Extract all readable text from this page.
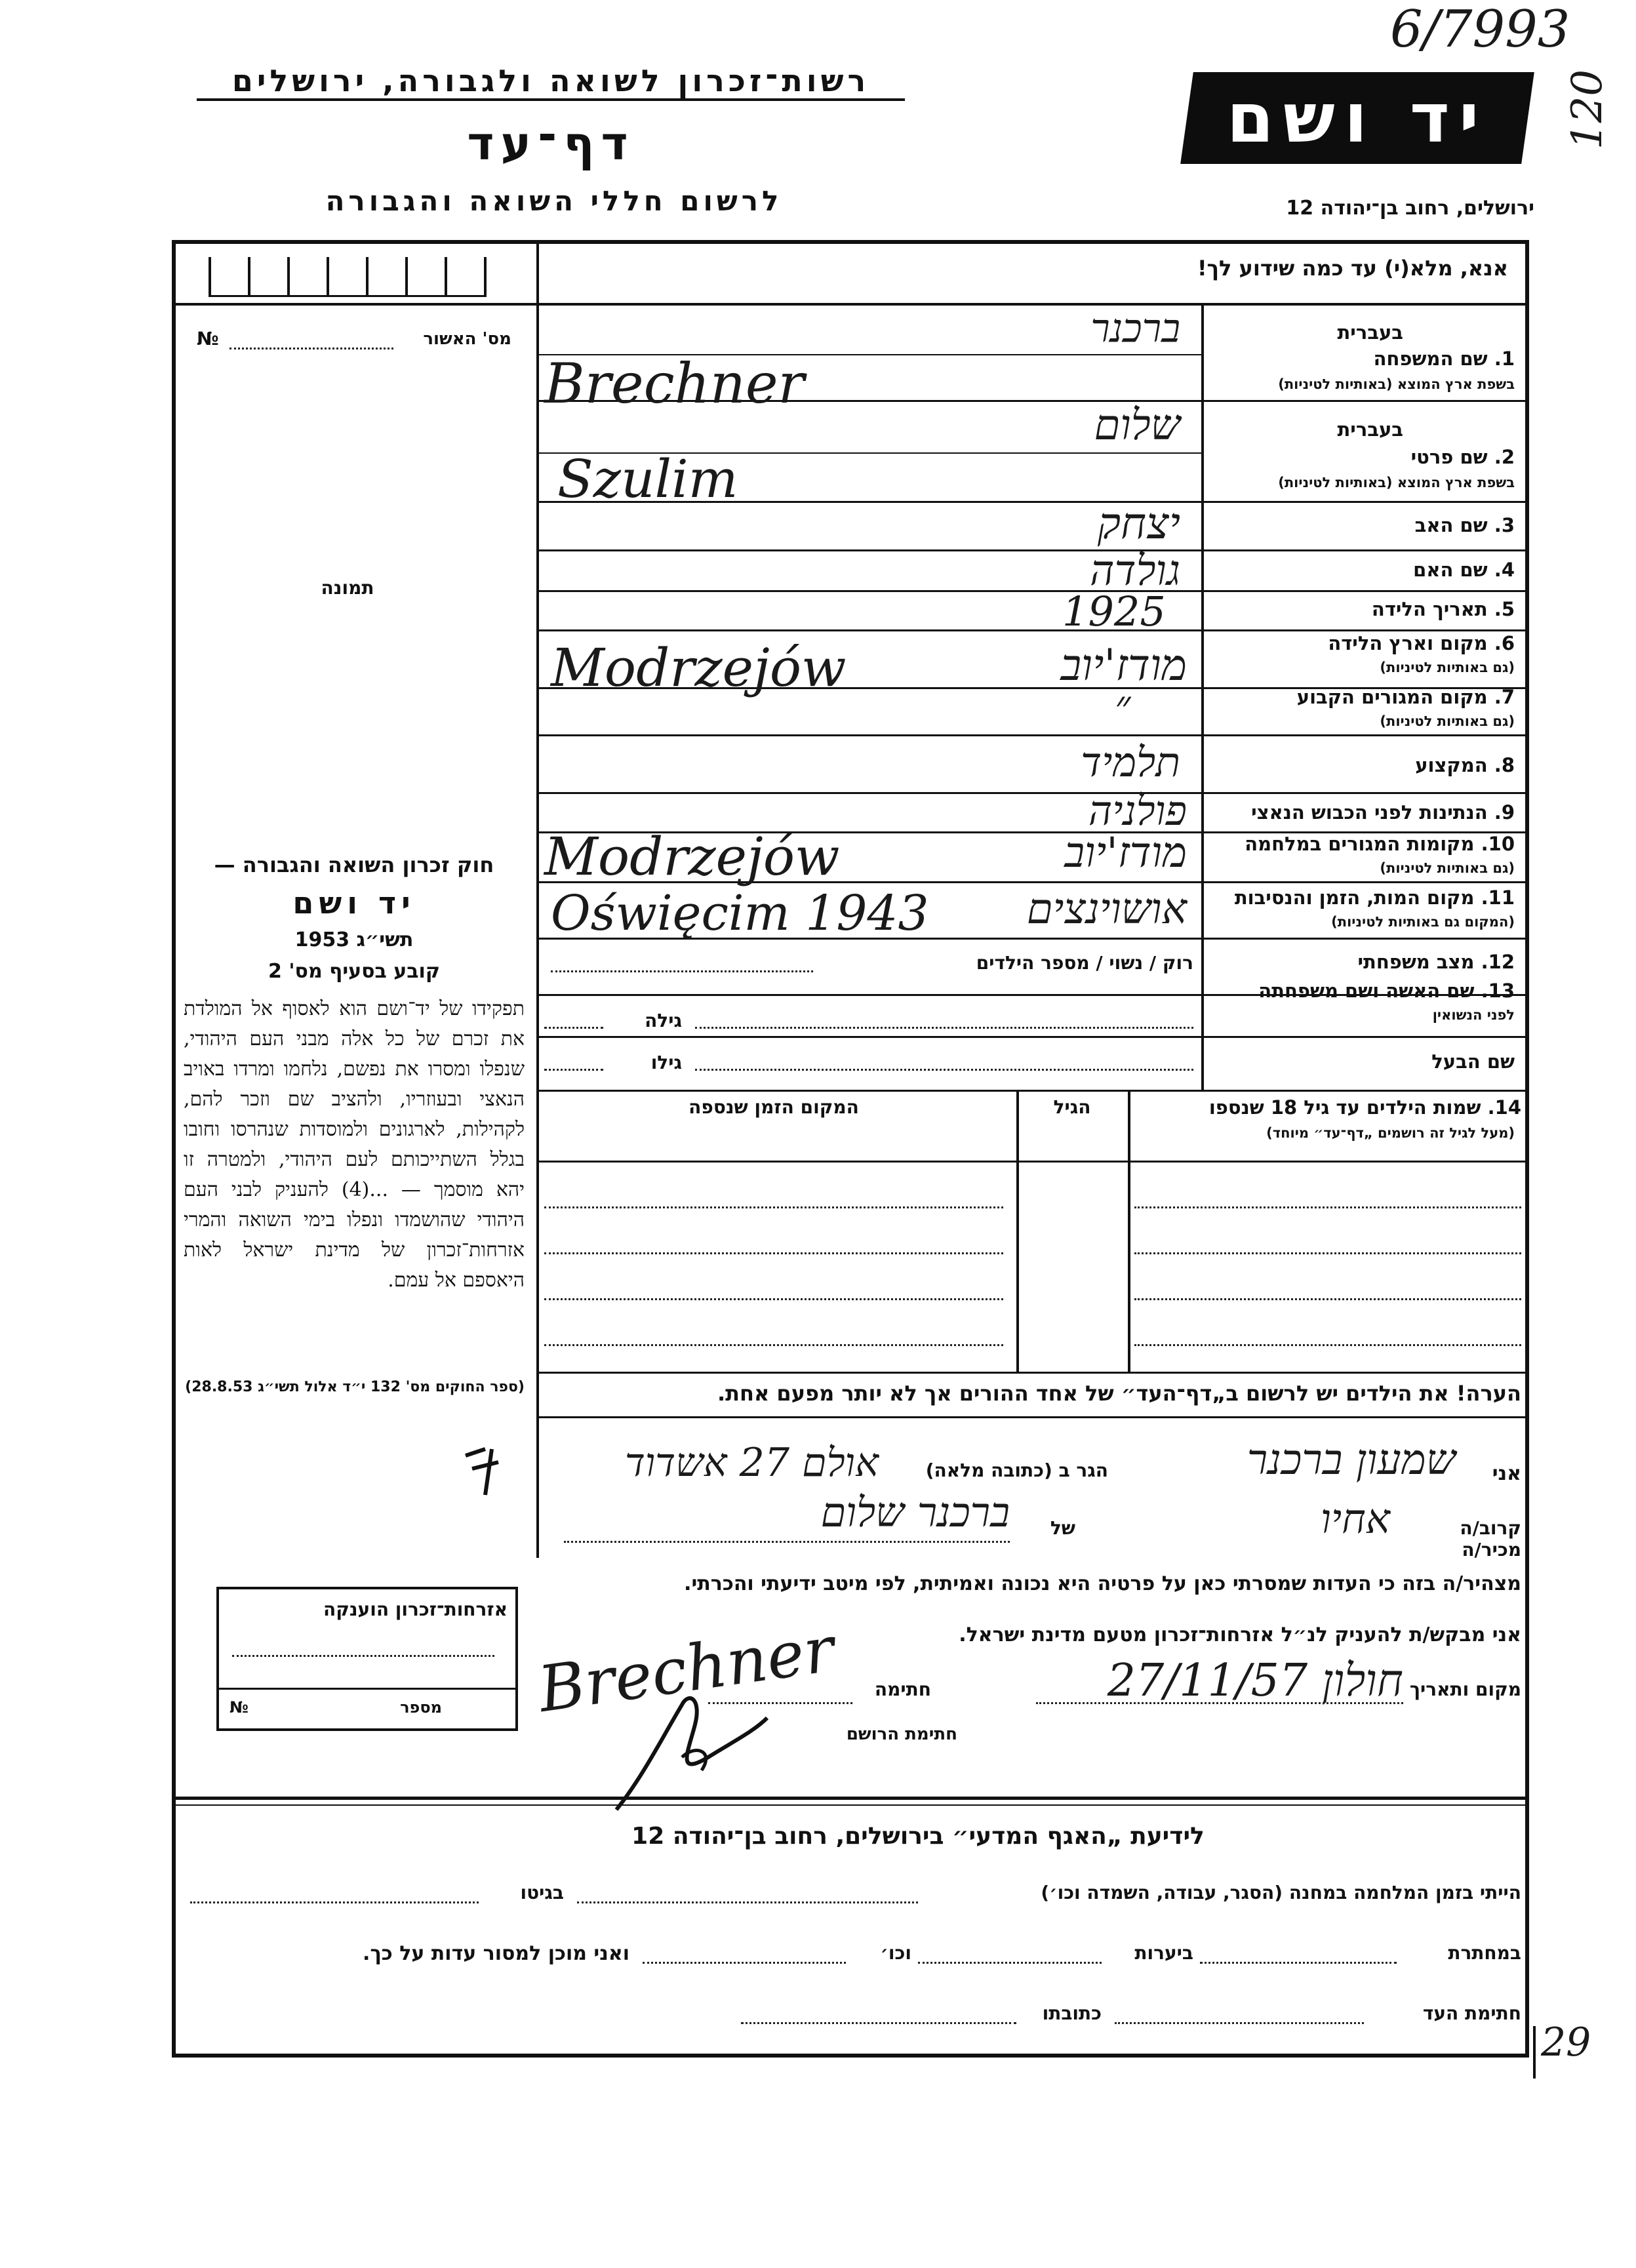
6/7993
120
רשות־זכרון לשואה ולגבורה, ירושלים
דף־עד
לרשום חללי השואה והגבורה
יד ושם
ירושלים, רחוב בן־יהודה 12
אנא, מלא(י) עד כמה שידוע לך!
מס' האשור
№
תמונה
1. שם המשפחה
בשפת ארץ המוצא (באותיות לטיניות)
בעברית
ברכנר
Brechner
בעברית
2. שם פרטי
בשפת ארץ המוצא (באותיות לטיניות)
שלום
Szulim
3. שם האב
יצחק
4. שם האם
גולדה
5. תאריך הלידה
1925
6. מקום וארץ הלידה
(גם באותיות לטיניות)
מודז'יוב
Modrzejów	7. מקום המגורים הקבוע
(גם באותיות לטיניות)
״
8. המקצוע
תלמיד
9. הנתינות לפני הכבוש הנאצי
פולניה
10. מקומות המגורים במלחמה
(גם באותיות לטיניות)
מודז'יוב
Modrzejów
11. מקום המות, הזמן והנסיבות
(המקום גם באותיות לטיניות)
אושוינצים
Oświęcim 1943
12. מצב משפחתי
רוק / נשוי / מספר הילדים
13. שם האשה ושם משפחתה
לפני הנשואין
גילה
שם הבעל
גילו
14. שמות הילדים עד גיל 18 שנספו
(מעל לגיל זה רושמים „דף־עד״ מיוחד)
הגיל
המקום הזמן שנספה
הערה! את הילדים יש לרשום ב„דף־העד״ של אחד ההורים אך לא יותר מפעם אחת.
חוק זכרון השואה והגבורה —
יד ושם
תשי״ג 1953
קובע בסעיף מס' 2
תפקידו של יד־ושם הוא לאסוף אל המולדת את זכרם של כל אלה מבני העם היהודי, שנפלו ומסרו את נפשם, נלחמו ומרדו באויב הנאצי ובעוזריו, ולהציב שם וזכר להם, לקהילות, לארגונים ולמוסדות שנהרסו וחובו בגלל השתייכותם לעם היהודי, ולמטרה זו יהא מוסמך — ...(4) להעניק לבני העם היהודי שהושמדו ונפלו בימי השואה והמרי אזרחות־זכרון של מדינת ישראל לאות היאספם אל עמם.
(ספר החוקים מס' 132 י״ד אלול תשי״ג 28.8.53)
אזרחות־זכרון הוענקה
№	מספר
אני
שמעון ברכנר
הגר ב (כתובה מלאה)
אולם 27 אשדוד
קרוב/ה מכיר/ה
אחיו
של
ברכנר שלום
מצהיר/ה בזה כי העדות שמסרתי כאן על פרטיה היא נכונה ואמיתית, לפי מיטב ידיעתי והכרתי.
אני מבקש/ת להעניק לנ״ל אזרחות־זכרון מטעם מדינת ישראל.
מקום ותאריך
חולון 27/11/57
חתימה
חתימת הרושם
Brechner
לידיעת „האגף המדעי״ בירושלים, רחוב בן־יהודה 12
הייתי בזמן המלחמה במחנה (הסגר, עבודה, השמדה וכו׳)
בגיטו
במחתרת
ביערות
וכו׳
ואני מוכן למסור עדות על כך.
חתימת העד
כתובתו
29
